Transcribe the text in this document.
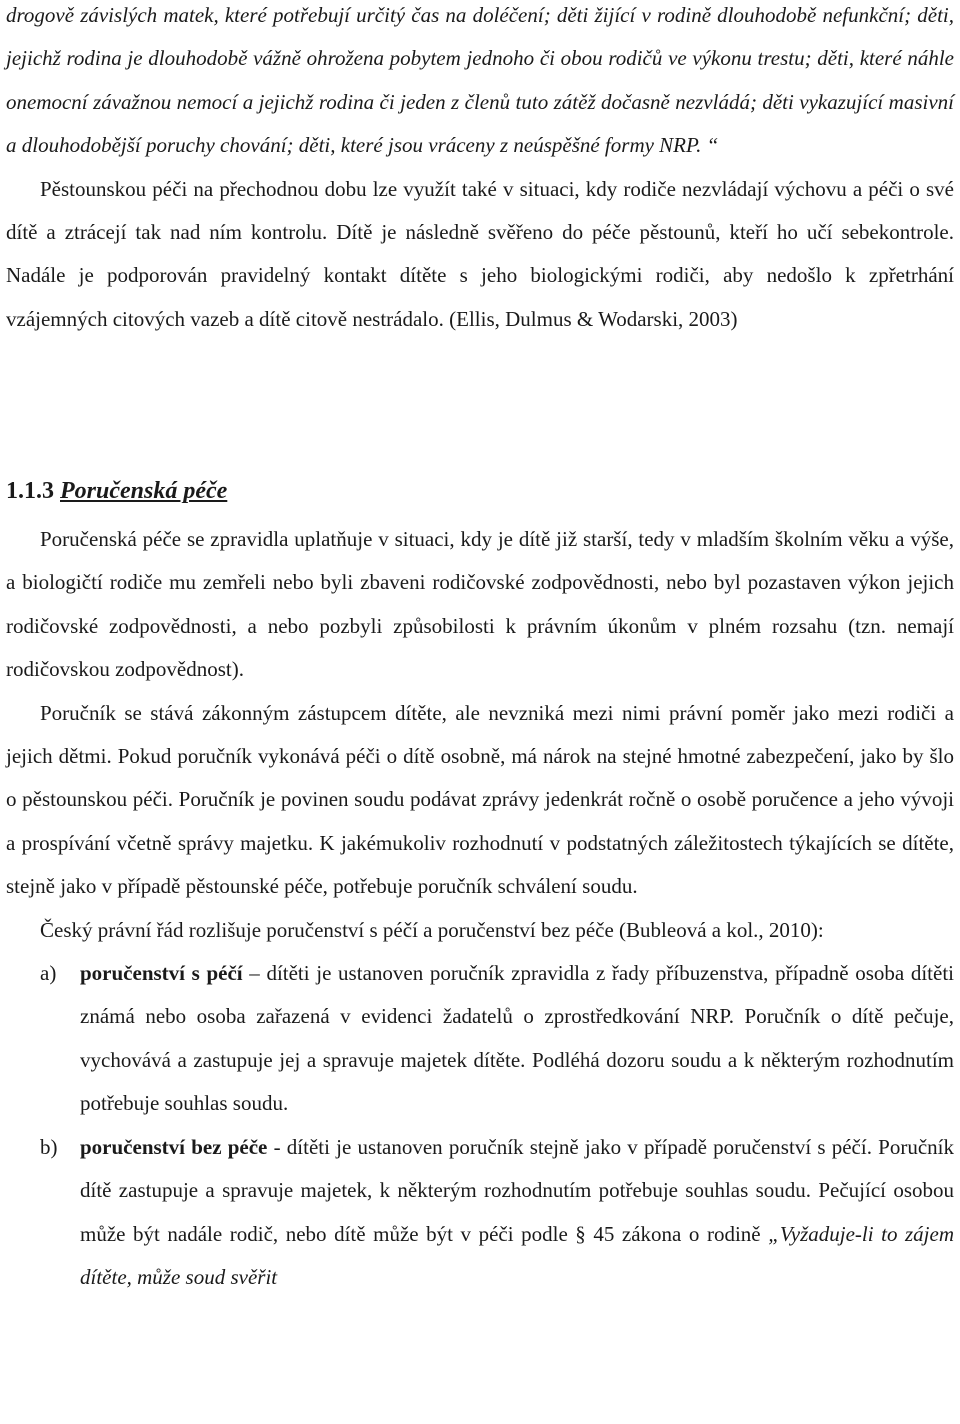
drogově závislých matek, které potřebují určitý čas na doléčení; děti žijící v rodině dlouhodobě nefunkční; děti, jejichž rodina je dlouhodobě vážně ohrožena pobytem jednoho či obou rodičů ve výkonu trestu; děti, které náhle onemocní závažnou nemocí a jejichž rodina či jeden z členů tuto zátěž dočasně nezvládá; děti vykazující masivní a dlouhodobější poruchy chování; děti, které jsou vráceny z neúspěšné formy NRP. “

Pěstounskou péči na přechodnou dobu lze využít také v situaci, kdy rodiče nezvládají výchovu a péči o své dítě a ztrácejí tak nad ním kontrolu. Dítě je následně svěřeno do péče pěstounů, kteří ho učí sebekontrole. Nadále je podporován pravidelný kontakt dítěte s jeho biologickými rodiči, aby nedošlo k zpřetrhání vzájemných citových vazeb a dítě citově nestrádalo. (Ellis, Dulmus & Wodarski, 2003)

1.1.3 Poručenská péče

Poručenská péče se zpravidla uplatňuje v situaci, kdy je dítě již starší, tedy v mladším školním věku a výše, a biologičtí rodiče mu zemřeli nebo byli zbaveni rodičovské zodpovědnosti, nebo byl pozastaven výkon jejich rodičovské zodpovědnosti, a nebo pozbyli způsobilosti k právním úkonům v plném rozsahu (tzn. nemají rodičovskou zodpovědnost).

Poručník se stává zákonným zástupcem dítěte, ale nevzniká mezi nimi právní poměr jako mezi rodiči a jejich dětmi. Pokud poručník vykonává péči o dítě osobně, má nárok na stejné hmotné zabezpečení, jako by šlo o pěstounskou péči. Poručník je povinen soudu podávat zprávy jedenkrát ročně o osobě poručence a jeho vývoji a prospívání včetně správy majetku. K jakémukoliv rozhodnutí v podstatných záležitostech týkajících se dítěte, stejně jako v případě pěstounské péče, potřebuje poručník schválení soudu.

Český právní řád rozlišuje poručenství s péčí a poručenství bez péče (Bubleová a kol., 2010):

a) poručenství s péčí – dítěti je ustanoven poručník zpravidla z řady příbuzenstva, případně osoba dítěti známá nebo osoba zařazená v evidenci žadatelů o zprostředkování NRP. Poručník o dítě pečuje, vychovává a zastupuje jej a spravuje majetek dítěte. Podléhá dozoru soudu a k některým rozhodnutím potřebuje souhlas soudu.

b) poručenství bez péče - dítěti je ustanoven poručník stejně jako v případě poručenství s péčí. Poručník dítě zastupuje a spravuje majetek, k některým rozhodnutím potřebuje souhlas soudu. Pečující osobou může být nadále rodič, nebo dítě může být v péči podle § 45 zákona o rodině „Vyžaduje-li to zájem dítěte, může soud svěřit
